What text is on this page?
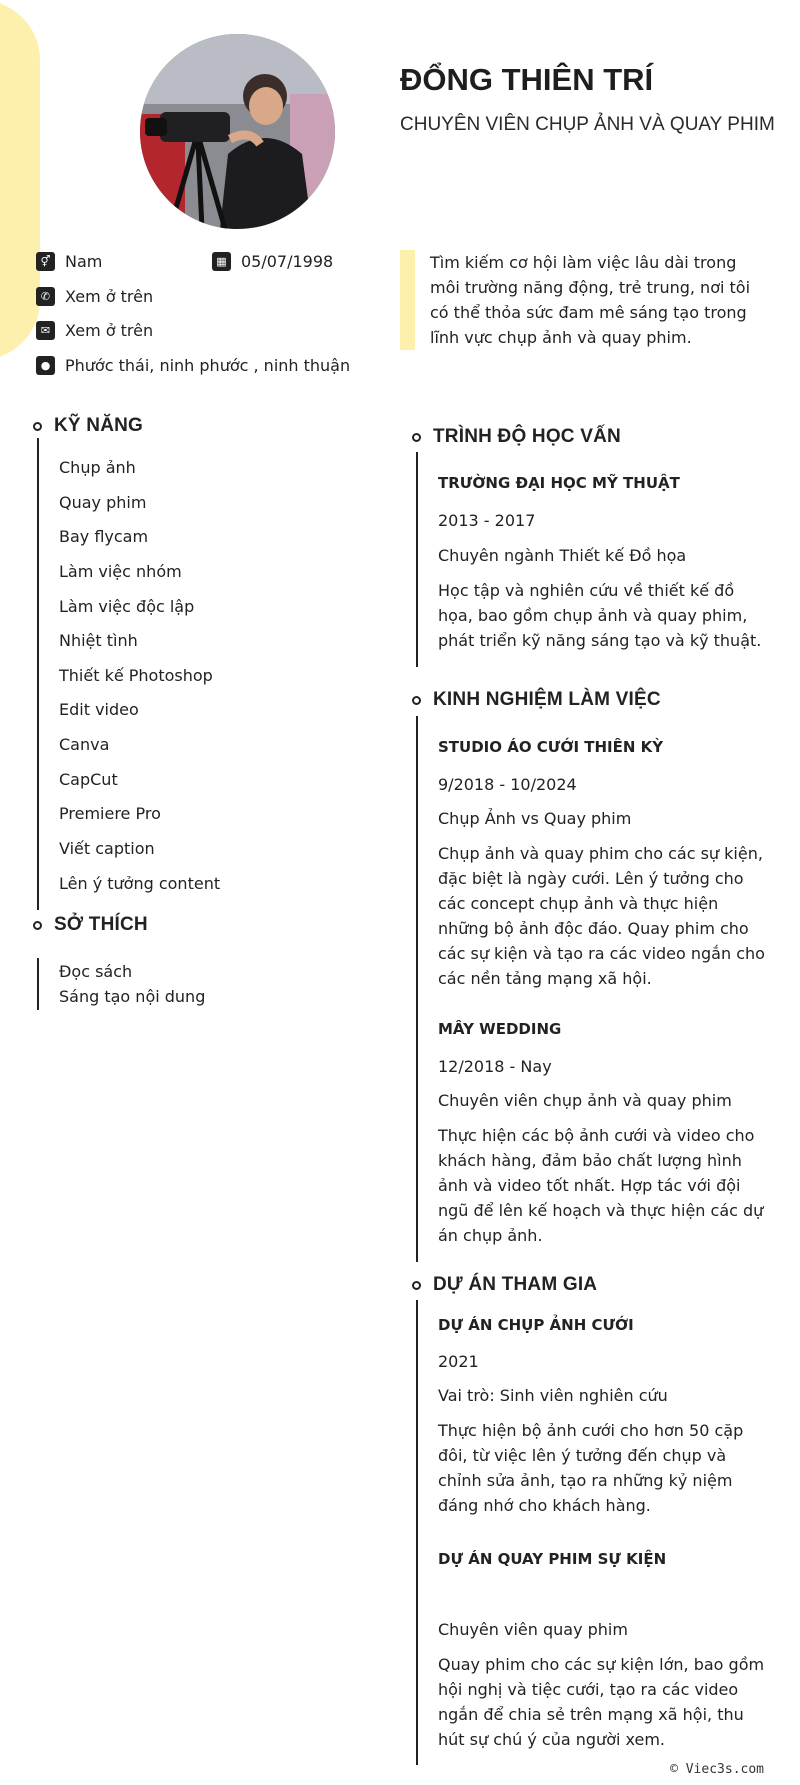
ĐỔNG THIÊN TRÍ
CHUYÊN VIÊN CHỤP ẢNH VÀ QUAY PHIM
⚥ Nam	▦ 05/07/1998
✆ Xem ở trên
✉ Xem ở trên
● Phước thái, ninh phước , ninh thuận
Tìm kiếm cơ hội làm việc lâu dài trong môi trường năng động, trẻ trung, nơi tôi có thể thỏa sức đam mê sáng tạo trong lĩnh vực chụp ảnh và quay phim.
KỸ NĂNG
Chụp ảnh
Quay phim
Bay flycam
Làm việc nhóm
Làm việc độc lập
Nhiệt tình
Thiết kế Photoshop
Edit video
Canva
CapCut
Premiere Pro
Viết caption
Lên ý tưởng content
SỞ THÍCH
Đọc sách
Sáng tạo nội dung
TRÌNH ĐỘ HỌC VẤN
TRƯỜNG ĐẠI HỌC MỸ THUẬT
2013 - 2017
Chuyên ngành Thiết kế Đồ họa
Học tập và nghiên cứu về thiết kế đồ họa, bao gồm chụp ảnh và quay phim, phát triển kỹ năng sáng tạo và kỹ thuật.
KINH NGHIỆM LÀM VIỆC
STUDIO ÁO CƯỚI THIÊN KỲ
9/2018 - 10/2024
Chụp Ảnh vs Quay phim
Chụp ảnh và quay phim cho các sự kiện, đặc biệt là ngày cưới. Lên ý tưởng cho các concept chụp ảnh và thực hiện những bộ ảnh độc đáo. Quay phim cho các sự kiện và tạo ra các video ngắn cho các nền tảng mạng xã hội.
MÂY WEDDING
12/2018 - Nay
Chuyên viên chụp ảnh và quay phim
Thực hiện các bộ ảnh cưới và video cho khách hàng, đảm bảo chất lượng hình ảnh và video tốt nhất. Hợp tác với đội ngũ để lên kế hoạch và thực hiện các dự án chụp ảnh.
DỰ ÁN THAM GIA
DỰ ÁN CHỤP ẢNH CƯỚI
2021
Vai trò: Sinh viên nghiên cứu
Thực hiện bộ ảnh cưới cho hơn 50 cặp đôi, từ việc lên ý tưởng đến chụp và chỉnh sửa ảnh, tạo ra những kỷ niệm đáng nhớ cho khách hàng.
DỰ ÁN QUAY PHIM SỰ KIỆN
Chuyên viên quay phim
Quay phim cho các sự kiện lớn, bao gồm hội nghị và tiệc cưới, tạo ra các video ngắn để chia sẻ trên mạng xã hội, thu hút sự chú ý của người xem.
© Viec3s.com
